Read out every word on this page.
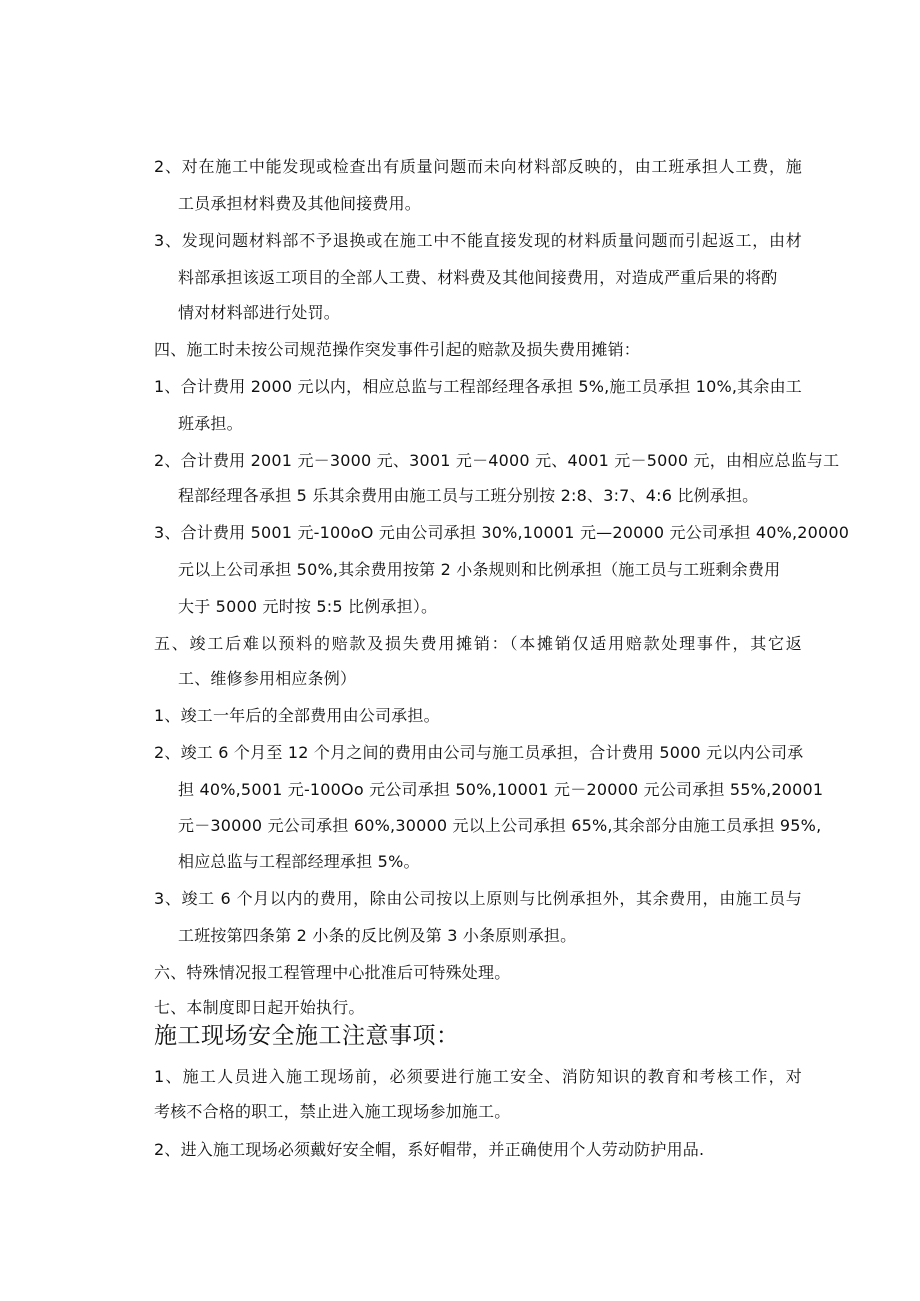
2、对在施工中能发现或检查出有质量问题而未向材料部反映的，由工班承担人工费，施
工员承担材料费及其他间接费用。
3、发现问题材料部不予退换或在施工中不能直接发现的材料质量问题而引起返工，由材
料部承担该返工项目的全部人工费、材料费及其他间接费用，对造成严重后果的将酌
情对材料部进行处罚。
四、施工时未按公司规范操作突发事件引起的赔款及损失费用摊销：
1、合计费用 2000 元以内，相应总监与工程部经理各承担 5%,施工员承担 10%,其余由工
班承担。
2、合计费用 2001 元－3000 元、3001 元－4000 元、4001 元－5000 元，由相应总监与工
程部经理各承担 5 乐其余费用由施工员与工班分别按 2:8、3:7、4:6 比例承担。
3、合计费用 5001 元-100oO 元由公司承担 30%,10001 元—20000 元公司承担 40%,20000
元以上公司承担 50%,其余费用按第 2 小条规则和比例承担（施工员与工班剩余费用
大于 5000 元时按 5:5 比例承担）。
五、竣工后难以预料的赔款及损失费用摊销：（本摊销仅适用赔款处理事件，其它返
工、维修参用相应条例）
1、竣工一年后的全部费用由公司承担。
2、竣工 6 个月至 12 个月之间的费用由公司与施工员承担，合计费用 5000 元以内公司承
担 40%,5001 元-100Oo 元公司承担 50%,10001 元－20000 元公司承担 55%,20001
元－30000 元公司承担 60%,30000 元以上公司承担 65%,其余部分由施工员承担 95%,
相应总监与工程部经理承担 5%。
3、竣工 6 个月以内的费用，除由公司按以上原则与比例承担外，其余费用，由施工员与
工班按第四条第 2 小条的反比例及第 3 小条原则承担。
六、特殊情况报工程管理中心批准后可特殊处理。
七、本制度即日起开始执行。
施工现场安全施工注意事项：
1、施工人员进入施工现场前，必须要进行施工安全、消防知识的教育和考核工作，对
考核不合格的职工，禁止进入施工现场参加施工。
2、进入施工现场必须戴好安全帽，系好帽带，并正确使用个人劳动防护用品.
